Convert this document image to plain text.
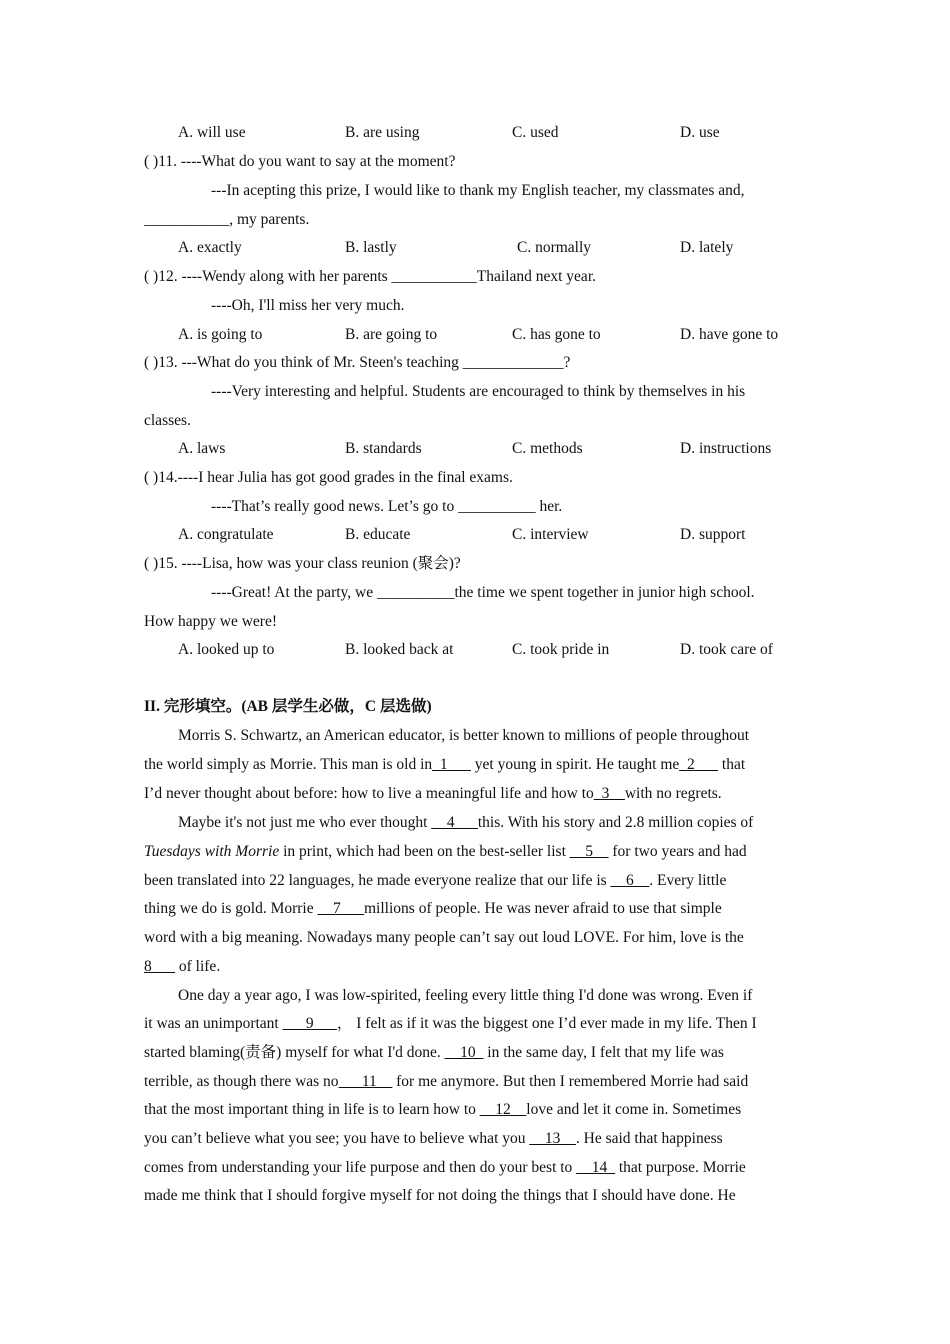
A. will use	B. are using	C. used	D. use
( )11. ----What do you want to say at the moment?
---In acepting this prize, I would like to thank my English teacher, my classmates and,
___________, my parents.
A. exactly	B. lastly	C. normally	D. lately
( )12. ----Wendy along with her parents ___________Thailand next year.
----Oh, I'll miss her very much.
A. is going to	B. are going to	C. has gone to	D. have gone to
( )13. ---What do you think of Mr. Steen's teaching _____________?
----Very interesting and helpful. Students are encouraged to think by themselves in his
classes.
A. laws	B. standards	C. methods	D. instructions
( )14.----I hear Julia has got good grades in the final exams.
----That’s really good news. Let’s go to __________ her.
A. congratulate	B. educate	C. interview	D. support
( )15. ----Lisa, how was your class reunion (聚会)?
----Great! At the party, we __________the time we spent together in junior high school.
How happy we were!
A. looked up to	B. looked back at	C. took pride in	D. took care of
II. 完形填空。(AB 层学生必做，C 层选做)
Morris S. Schwartz, an American educator, is better known to millions of people throughout
the world simply as Morrie. This man is old in_1___ yet young in spirit. He taught me_2___ that
I’d never thought about before: how to live a meaningful life and how to_3__with no regrets.
Maybe it's not just me who ever thought __4___this. With his story and 2.8 million copies of
Tuesdays with Morrie in print, which had been on the best-seller list __5__ for two years and had
been translated into 22 languages, he made everyone realize that our life is __6__. Every little
thing we do is gold. Morrie __7___millions of people. He was never afraid to use that simple
word with a big meaning. Nowadays many people can’t say out loud LOVE. For him, love is the
8___ of life.
One day a year ago, I was low-spirited, feeling every little thing I'd done was wrong. Even if
it was an unimportant ___9___， I felt as if it was the biggest one I’d ever made in my life. Then I
started blaming(责备) myself for what I'd done. __10_ in the same day, I felt that my life was
terrible, as though there was no___11__ for me anymore. But then I remembered Morrie had said
that the most important thing in life is to learn how to __12__love and let it come in. Sometimes
you can’t believe what you see; you have to believe what you __13__. He said that happiness
comes from understanding your life purpose and then do your best to __14_ that purpose. Morrie
made me think that I should forgive myself for not doing the things that I should have done. He
